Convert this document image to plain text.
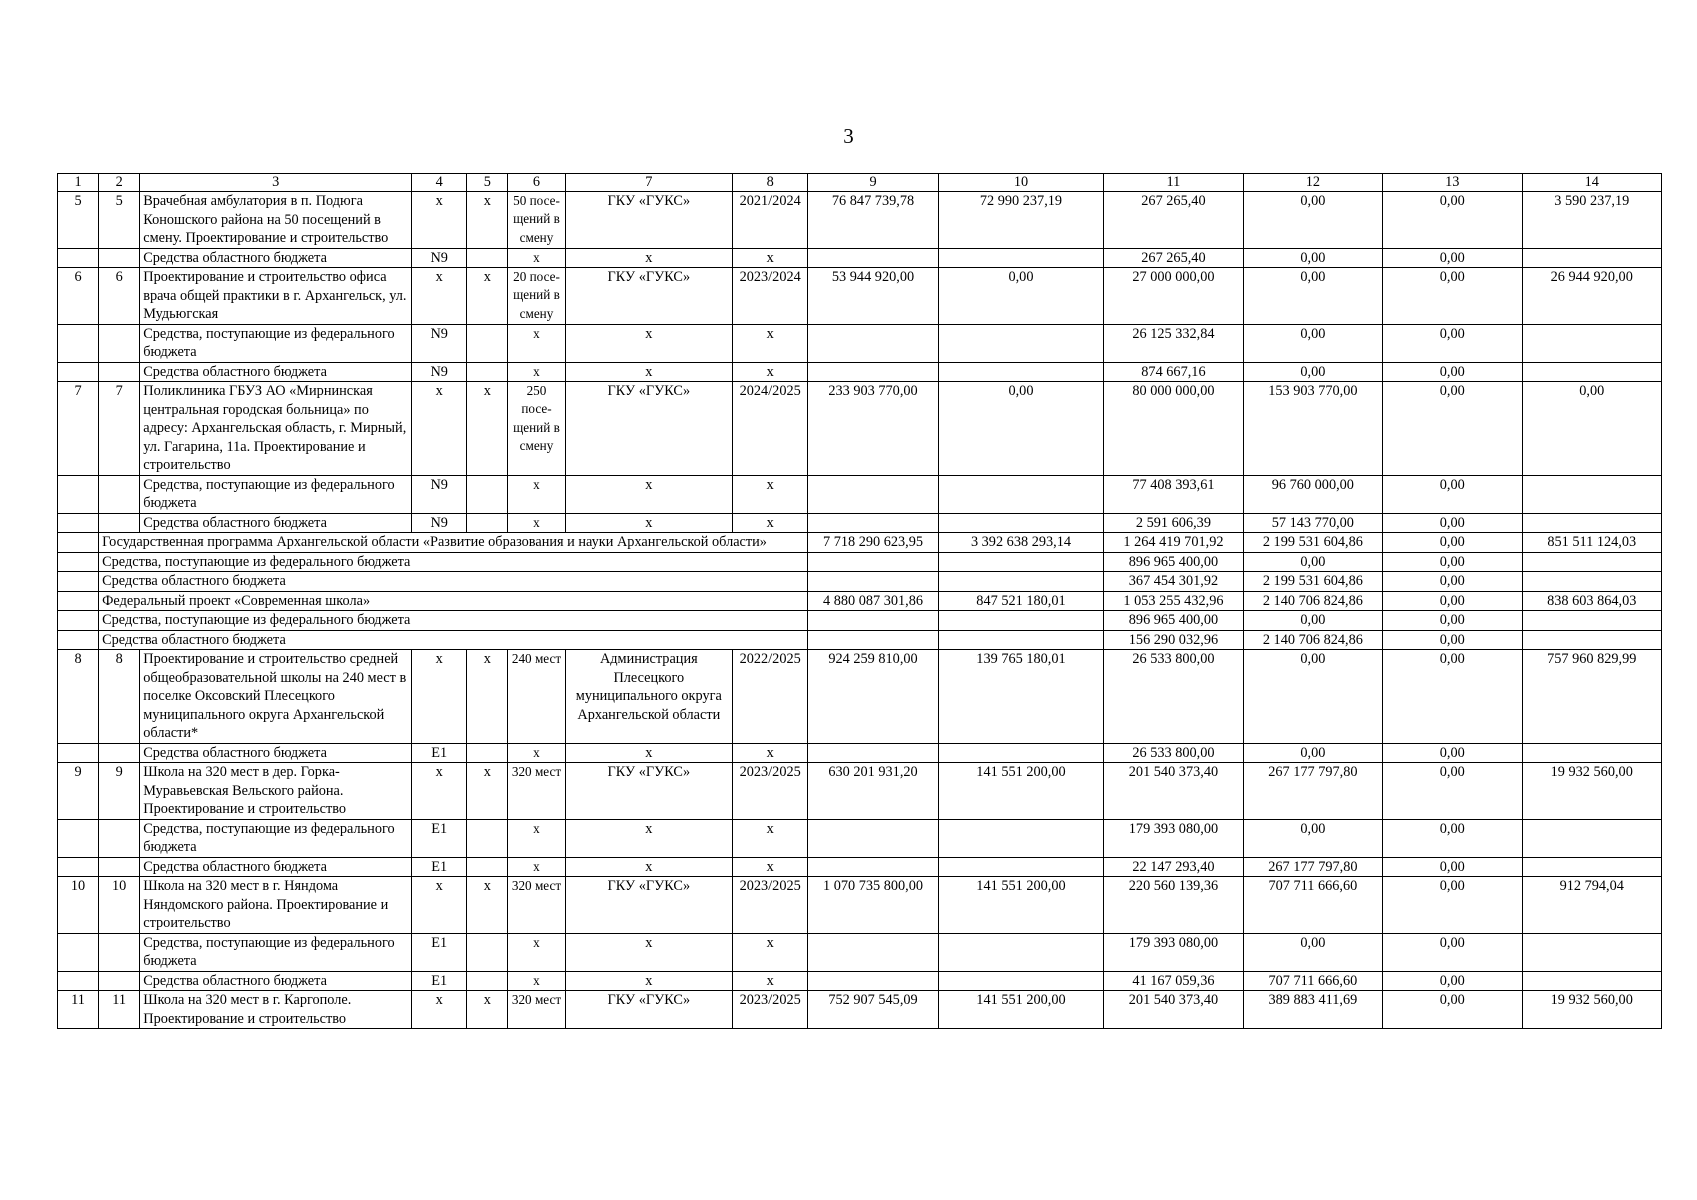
3
1	2	3	4	5	6	7	8	9	10	11	12	13	14
5	5	Врачебная амбулатория в п. Подюга Коношского района на 50 посещений в смену. Проектирование и строительство	х	х	50 посе- щений в смену	ГКУ «ГУКС»	2021/2024	76 847 739,78	72 990 237,19	267 265,40	0,00	0,00	3 590 237,19
		Средства областного бюджета	N9		х	х	х			267 265,40	0,00	0,00	
6	6	Проектирование и строительство офиса врача общей практики в г. Архангельск, ул. Мудьюгская	х	х	20 посе- щений в смену	ГКУ «ГУКС»	2023/2024	53 944 920,00	0,00	27 000 000,00	0,00	0,00	26 944 920,00
		Средства, поступающие из федерального бюджета	N9		х	х	х			26 125 332,84	0,00	0,00	
		Средства областного бюджета	N9		х	х	х			874 667,16	0,00	0,00	
7	7	Поликлиника ГБУЗ АО «Мирнинская центральная городская больница» по адресу: Архангельская область, г. Мирный, ул. Гагарина, 11а. Проектирование и строительство	х	х	250 посе- щений в смену	ГКУ «ГУКС»	2024/2025	233 903 770,00	0,00	80 000 000,00	153 903 770,00	0,00	0,00
		Средства, поступающие из федерального бюджета	N9		х	х	х			77 408 393,61	96 760 000,00	0,00	
		Средства областного бюджета	N9		х	х	х			2 591 606,39	57 143 770,00	0,00	
	Государственная программа Архангельской области «Развитие образования и науки Архангельской области»							7 718 290 623,95	3 392 638 293,14	1 264 419 701,92	2 199 531 604,86	0,00	851 511 124,03
	Средства, поступающие из федерального бюджета									896 965 400,00	0,00	0,00	
	Средства областного бюджета									367 454 301,92	2 199 531 604,86	0,00	
	Федеральный проект «Современная школа»							4 880 087 301,86	847 521 180,01	1 053 255 432,96	2 140 706 824,86	0,00	838 603 864,03
	Средства, поступающие из федерального бюджета									896 965 400,00	0,00	0,00	
	Средства областного бюджета									156 290 032,96	2 140 706 824,86	0,00	
8	8	Проектирование и строительство средней общеобразовательной школы на 240 мест в поселке Оксовский Плесецкого муниципального округа Архангельской области*	х	х	240 мест	Администрация Плесецкого муниципального округа Архангельской области	2022/2025	924 259 810,00	139 765 180,01	26 533 800,00	0,00	0,00	757 960 829,99
		Средства областного бюджета	Е1		х	х	х			26 533 800,00	0,00	0,00	
9	9	Школа на 320 мест в дер. Горка-Муравьевская Вельского района. Проектирование и строительство	х	х	320 мест	ГКУ «ГУКС»	2023/2025	630 201 931,20	141 551 200,00	201 540 373,40	267 177 797,80	0,00	19 932 560,00
		Средства, поступающие из федерального бюджета	Е1		х	х	х			179 393 080,00	0,00	0,00	
		Средства областного бюджета	Е1		х	х	х			22 147 293,40	267 177 797,80	0,00	
10	10	Школа на 320 мест в г. Няндома Няндомского района. Проектирование и строительство	х	х	320 мест	ГКУ «ГУКС»	2023/2025	1 070 735 800,00	141 551 200,00	220 560 139,36	707 711 666,60	0,00	912 794,04
		Средства, поступающие из федерального бюджета	Е1		х	х	х			179 393 080,00	0,00	0,00	
		Средства областного бюджета	Е1		х	х	х			41 167 059,36	707 711 666,60	0,00	
11	11	Школа на 320 мест в г. Каргополе. Проектирование и строительство	х	х	320 мест	ГКУ «ГУКС»	2023/2025	752 907 545,09	141 551 200,00	201 540 373,40	389 883 411,69	0,00	19 932 560,00
